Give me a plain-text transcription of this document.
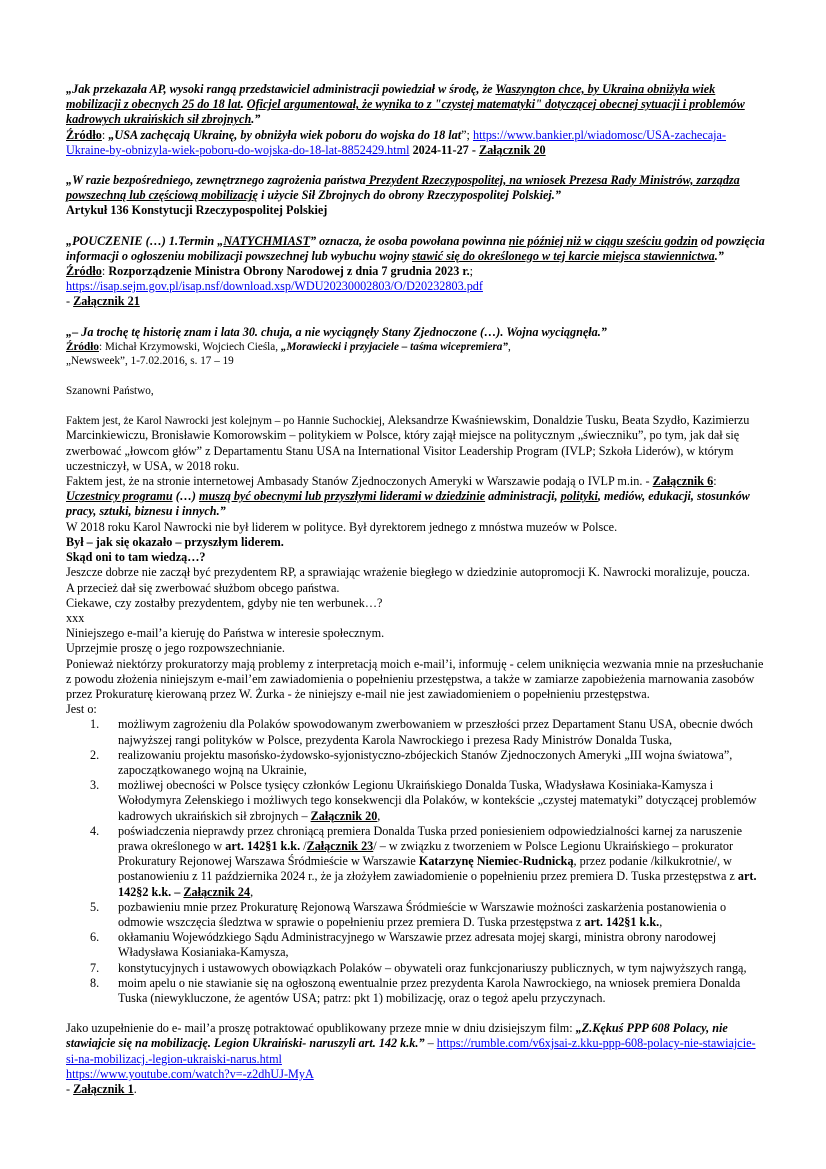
„Jak przekazała AP, wysoki rangą przedstawiciel administracji powiedział w środę, że Waszyngton chce, by Ukraina obniżyła wiek mobilizacji z obecnych 25 do 18 lat. Oficjel argumentował, że wynika to z "czystej matematyki" dotyczącej obecnej sytuacji i problemów kadrowych ukraińskich sił zbrojnych.”

Źródło: „USA zachęcają Ukrainę, by obniżyła wiek poboru do wojska do 18 lat”; https://www.bankier.pl/wiadomosc/USA-zachecaja-Ukraine-by-obnizyla-wiek-poboru-do-wojska-do-18-lat-8852429.html 2024-11-27 - Załącznik 20

„W razie bezpośredniego, zewnętrznego zagrożenia państwa Prezydent Rzeczypospolitej, na wniosek Prezesa Rady Ministrów, zarządza powszechną lub częściową mobilizację i użycie Sił Zbrojnych do obrony Rzeczypospolitej Polskiej.”

Artykuł 136 Konstytucji Rzeczypospolitej Polskiej

„POUCZENIE (…) 1.Termin „NATYCHMIAST” oznacza, że osoba powołana powinna nie później niż w ciągu sześciu godzin od powzięcia informacji o ogłoszeniu mobilizacji powszechnej lub wybuchu wojny stawić się do określonego w tej karcie miejsca stawiennictwa.”

Źródło: Rozporządzenie Ministra Obrony Narodowej z dnia 7 grudnia 2023 r.;

https://isap.sejm.gov.pl/isap.nsf/download.xsp/WDU20230002803/O/D20232803.pdf

- Załącznik 21

„– Ja trochę tę historię znam i lata 30. chuja, a nie wyciągnęły Stany Zjednoczone (…). Wojna wyciągnęła.”

Źródło: Michał Krzymowski, Wojciech Cieśla, „Morawiecki i przyjaciele – taśma wicepremiera”,

„Newsweek”, 1-7.02.2016, s. 17 – 19

Szanowni Państwo,

Faktem jest, że Karol Nawrocki jest kolejnym – po Hannie Suchockiej, Aleksandrze Kwaśniewskim, Donaldzie Tusku, Beata Szydło, Kazimierzu Marcinkiewiczu, Bronisławie Komorowskim – politykiem w Polsce, który zajął miejsce na politycznym „świeczniku”, po tym, jak dał się zwerbować „łowcom głów” z Departamentu Stanu USA na International Visitor Leadership Program (IVLP; Szkoła Liderów), w którym uczestniczył, w USA, w 2018 roku.

Faktem jest, że na stronie internetowej Ambasady Stanów Zjednoczonych Ameryki w Warszawie podają o IVLP m.in. - Załącznik 6: Uczestnicy programu (…) muszą być obecnymi lub przyszłymi liderami w dziedzinie administracji, polityki, mediów, edukacji, stosunków pracy, sztuki, biznesu i innych.”

W 2018 roku Karol Nawrocki nie był liderem w polityce. Był dyrektorem jednego z mnóstwa muzeów w Polsce.

Był – jak się okazało – przyszłym liderem.

Skąd oni to tam wiedzą…?

Jeszcze dobrze nie zaczął być prezydentem RP, a sprawiając wrażenie biegłego w dziedzinie autopromocji K. Nawrocki moralizuje, poucza.

A przecież dał się zwerbować służbom obcego państwa.

Ciekawe, czy zostałby prezydentem, gdyby nie ten werbunek…?

xxx

Niniejszego e-mail’a kieruję do Państwa w interesie społecznym.

Uprzejmie proszę o jego rozpowszechnianie.

Ponieważ niektórzy prokuratorzy mają problemy z interpretacją moich e-mail’i, informuję - celem uniknięcia wezwania mnie na przesłuchanie z powodu złożenia niniejszym e-mail’em zawiadomienia o popełnieniu przestępstwa, a także w zamiarze zapobieżenia marnowania zasobów przez Prokuraturę kierowaną przez W. Żurka - że niniejszy e-mail nie jest zawiadomieniem o popełnieniu przestępstwa.

Jest o:

1. możliwym zagrożeniu dla Polaków spowodowanym zwerbowaniem w przeszłości przez Departament Stanu USA, obecnie dwóch najwyższej rangi polityków w Polsce, prezydenta Karola Nawrockiego i prezesa Rady Ministrów Donalda Tuska,
2. realizowaniu projektu masońsko-żydowsko-syjonistyczno-zbójeckich Stanów Zjednoczonych Ameryki „III wojna światowa”, zapoczątkowanego wojną na Ukrainie,
3. możliwej obecności w Polsce tysięcy członków Legionu Ukraińskiego Donalda Tuska, Władysława Kosiniaka-Kamysza i Wołodymyra Zełenskiego i możliwych tego konsekwencji dla Polaków, w kontekście „czystej matematyki” dotyczącej problemów kadrowych ukraińskich sił zbrojnych – Załącznik 20,
4. poświadczenia nieprawdy przez chroniącą premiera Donalda Tuska przed poniesieniem odpowiedzialności karnej za naruszenie prawa określonego w art. 142§1 k.k. /Załącznik 23/ – w związku z tworzeniem w Polsce Legionu Ukraińskiego – prokurator Prokuratury Rejonowej Warszawa Śródmieście w Warszawie Katarzynę Niemiec-Rudnicką, przez podanie /kilkukrotnie/, w postanowieniu z 11 października 2024 r., że ja złożyłem zawiadomienie o popełnieniu przez premiera D. Tuska przestępstwa z art. 142§2 k.k. – Załącznik 24,
5. pozbawieniu mnie przez Prokuraturę Rejonową Warszawa Śródmieście w Warszawie możności zaskarżenia postanowienia o odmowie wszczęcia śledztwa w sprawie o popełnieniu przez premiera D. Tuska przestępstwa z art. 142§1 k.k.,
6. okłamaniu Wojewódzkiego Sądu Administracyjnego w Warszawie przez adresata mojej skargi, ministra obrony narodowej Władysława Kosianiaka-Kamysza,
7. konstytucyjnych i ustawowych obowiązkach Polaków – obywateli oraz funkcjonariuszy publicznych, w tym najwyższych rangą,
8. moim apelu o nie stawianie się na ogłoszoną ewentualnie przez prezydenta Karola Nawrockiego, na wniosek premiera Donalda Tuska (niewykluczone, że agentów USA; patrz: pkt 1) mobilizację, oraz o tegoż apelu przyczynach.

Jako uzupełnienie do e- mail’a proszę potraktować opublikowany przeze mnie w dniu dzisiejszym film: „Z.Kękuś PPP 608 Polacy, nie stawiajcie się na mobilizację. Legion Ukraiński- naruszyli art. 142 k.k.” – https://rumble.com/v6xjsai-z.kku-ppp-608-polacy-nie-stawiajcie-si-na-mobilizacj.-legion-ukraiski-narus.html

https://www.youtube.com/watch?v=-z2dhUJ-MyA

- Załącznik 1.
